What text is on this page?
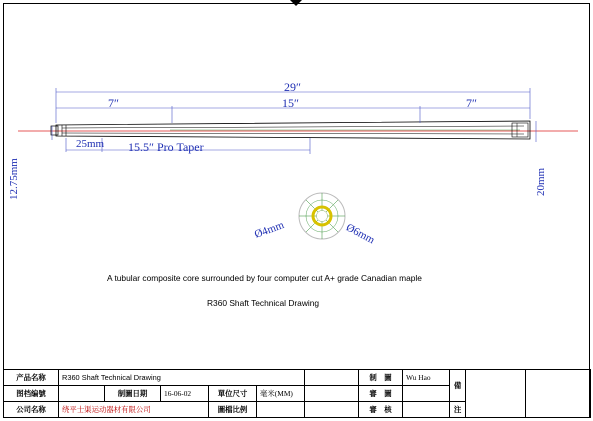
29″
7″	15″	7″
25mm 15.5″ Pro Taper
12.75mm	20mm
Ø4mm	Ø6mm
A tubular composite core surrounded by four computer cut A+ grade Canadian maple
R360 Shaft Technical Drawing
产品名称	R360 Shaft Technical Drawing						制　圖	Wu Hao	備		
图档编號		制圖日期	16-06-02	單位尺寸	毫米(MM)		審　圖				
公司名称	绕平士渠运动器材有限公司			圖檔比例			審　核		注		
